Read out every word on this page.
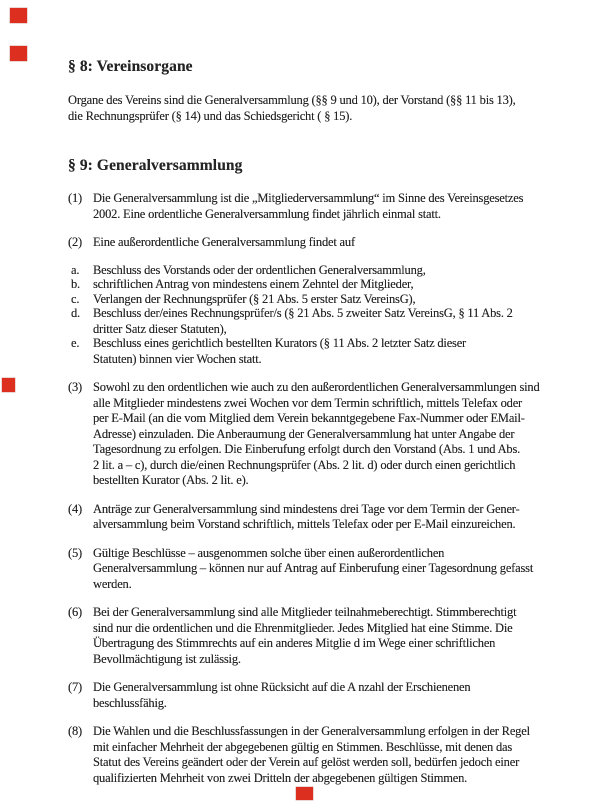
§ 8: Vereinsorgane
Organe des Vereins sind die Generalversammlung (§§ 9 und 10), der Vorstand (§§ 11 bis 13),
die Rechnungsprüfer (§ 14) und das Schiedsgericht ( § 15).
§ 9: Generalversammlung
(1) Die Generalversammlung ist die „Mitgliederversammlung“ im Sinne des Vereinsgesetzes
2002. Eine ordentliche Generalversammlung findet jährlich einmal statt.
(2) Eine außerordentliche Generalversammlung findet auf
a.	Beschluss des Vorstands oder der ordentlichen Generalversammlung,
b.	schriftlichen Antrag von mindestens einem Zehntel der Mitglieder,
c.	Verlangen der Rechnungsprüfer (§ 21 Abs. 5 erster Satz VereinsG),
d.	Beschluss der/eines Rechnungsprüfer/s (§ 21 Abs. 5 zweiter Satz VereinsG, § 11 Abs. 2
dritter Satz dieser Statuten),
e.	Beschluss eines gerichtlich bestellten Kurators (§ 11 Abs. 2 letzter Satz dieser
Statuten) binnen vier Wochen statt.
(3) Sowohl zu den ordentlichen wie auch zu den außerordentlichen Generalversammlungen sind
alle Mitglieder mindestens zwei Wochen vor dem Termin schriftlich, mittels Telefax oder
per E-Mail (an die vom Mitglied dem Verein bekanntgegebene Fax-Nummer oder EMail-
Adresse) einzuladen. Die Anberaumung der Generalversammlung hat unter Angabe der
Tagesordnung zu erfolgen. Die Einberufung erfolgt durch den Vorstand (Abs. 1 und Abs.
2 lit. a – c), durch die/einen Rechnungsprüfer (Abs. 2 lit. d) oder durch einen gerichtlich
bestellten Kurator (Abs. 2 lit. e).
(4) Anträge zur Generalversammlung sind mindestens drei Tage vor dem Termin der Gener-
alversammlung beim Vorstand schriftlich, mittels Telefax oder per E-Mail einzureichen.
(5) Gültige Beschlüsse – ausgenommen solche über einen außerordentlichen
Generalversammlung – können nur auf Antrag auf Einberufung einer Tagesordnung gefasst
werden.
(6) Bei der Generalversammlung sind alle Mitglieder teilnahmeberechtigt. Stimmberechtigt
sind nur die ordentlichen und die Ehrenmitglieder. Jedes Mitglied hat eine Stimme. Die
Übertragung des Stimmrechts auf ein anderes Mitglie d im Wege einer schriftlichen
Bevollmächtigung ist zulässig.
(7) Die Generalversammlung ist ohne Rücksicht auf die A nzahl der Erschienenen
beschlussfähig.
(8) Die Wahlen und die Beschlussfassungen in der Generalversammlung erfolgen in der Regel
mit einfacher Mehrheit der abgegebenen gültig en Stimmen. Beschlüsse, mit denen das
Statut des Vereins geändert oder der Verein auf gelöst werden soll, bedürfen jedoch einer
qualifizierten Mehrheit von zwei Dritteln der abgegebenen gültigen Stimmen.
